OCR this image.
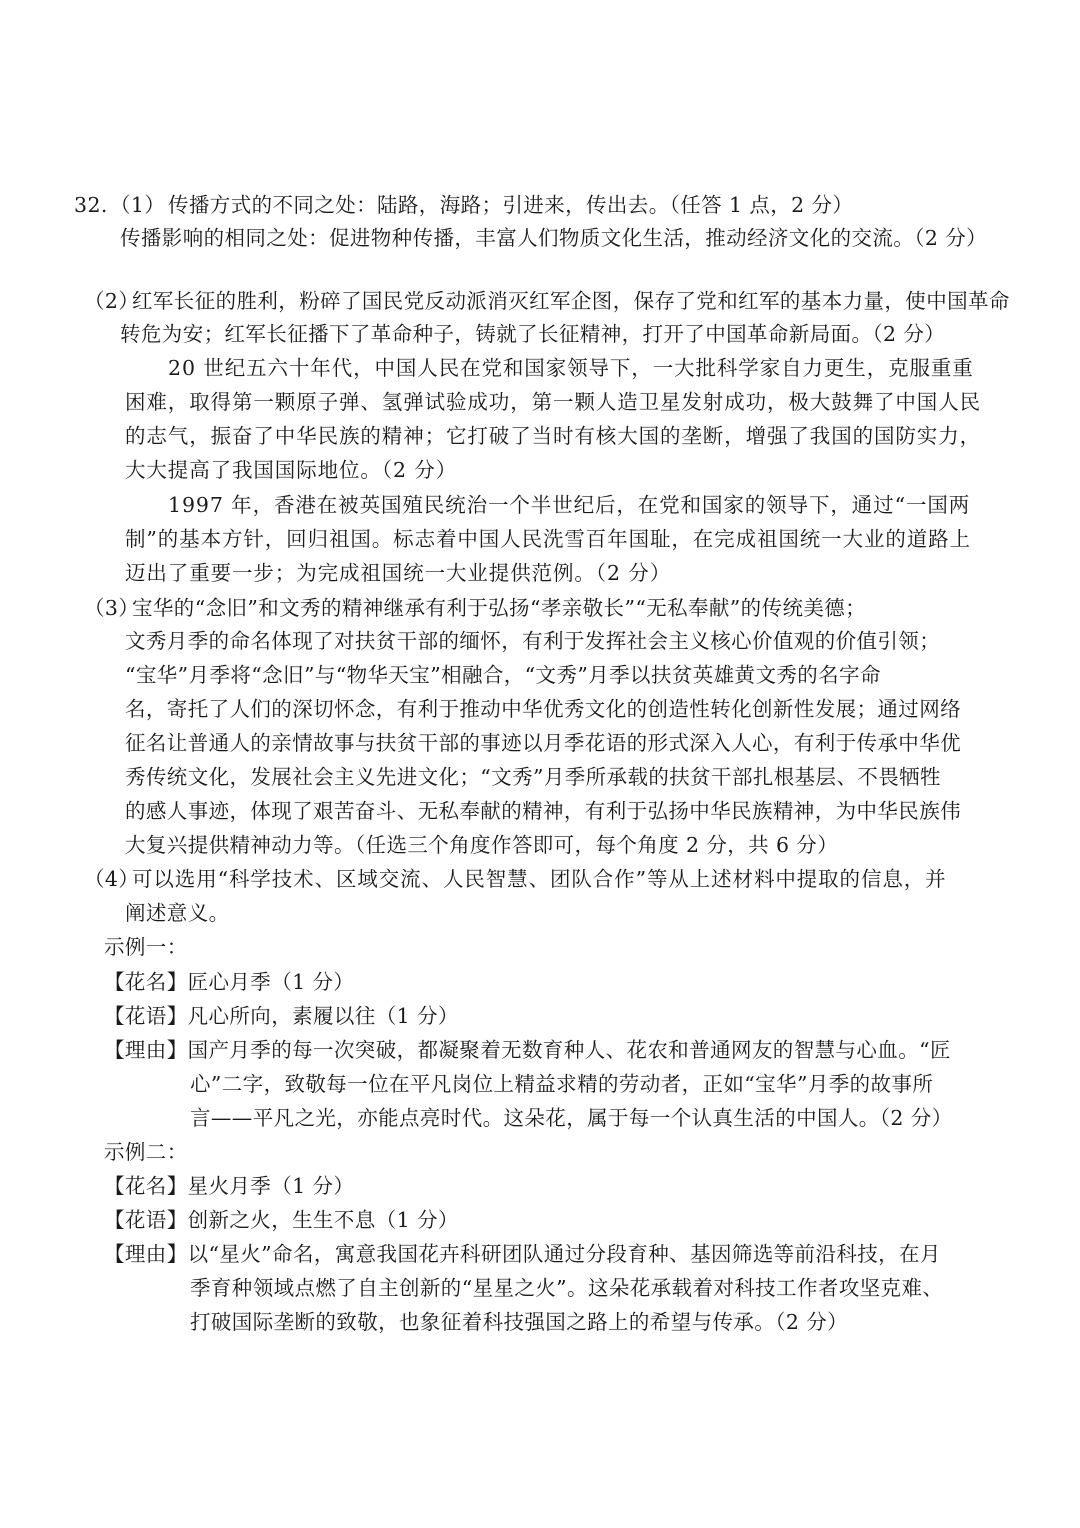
32. （1） 传播方式的不同之处：陆路，海路；引进来，传出去。（任答 1 点，2 分）
传播影响的相同之处：促进物种传播，丰富人们物质文化生活，推动经济文化的交流。（2 分）
（2）
红军长征的胜利，粉碎了国民党反动派消灭红军企图，保存了党和红军的基本力量，使中国革命
转危为安；红军长征播下了革命种子，铸就了长征精神，打开了中国革命新局面。（2 分）
20 世纪五六十年代，中国人民在党和国家领导下，一大批科学家自力更生，克服重重
困难，取得第一颗原子弹、氢弹试验成功，第一颗人造卫星发射成功，极大鼓舞了中国人民
的志气，振奋了中华民族的精神；它打破了当时有核大国的垄断，增强了我国的国防实力，
大大提高了我国国际地位。（2 分）
1997 年，香港在被英国殖民统治一个半世纪后，在党和国家的领导下，通过“一国两
制”的基本方针，回归祖国。标志着中国人民洗雪百年国耻，在完成祖国统一大业的道路上
迈出了重要一步；为完成祖国统一大业提供范例。（2 分）
（3）
宝华的“念旧”和文秀的精神继承有利于弘扬“孝亲敬长”“无私奉献”的传统美德；
文秀月季的命名体现了对扶贫干部的缅怀，有利于发挥社会主义核心价值观的价值引领；
“宝华”月季将“念旧”与“物华天宝”相融合，“文秀”月季以扶贫英雄黄文秀的名字命
名，寄托了人们的深切怀念，有利于推动中华优秀文化的创造性转化创新性发展；通过网络
征名让普通人的亲情故事与扶贫干部的事迹以月季花语的形式深入人心，有利于传承中华优
秀传统文化，发展社会主义先进文化；“文秀”月季所承载的扶贫干部扎根基层、不畏牺牲
的感人事迹，体现了艰苦奋斗、无私奉献的精神，有利于弘扬中华民族精神，为中华民族伟
大复兴提供精神动力等。（任选三个角度作答即可，每个角度 2 分，共 6 分）
（4）
可以选用“科学技术、区域交流、人民智慧、团队合作”等从上述材料中提取的信息，并
阐述意义。
示例一：
【花名】匠心月季（1 分）
【花语】凡心所向，素履以往（1 分）
【理由】国产月季的每一次突破，都凝聚着无数育种人、花农和普通网友的智慧与心血。“匠
心”二字，致敬每一位在平凡岗位上精益求精的劳动者，正如“宝华”月季的故事所
言——平凡之光，亦能点亮时代。这朵花，属于每一个认真生活的中国人。（2 分）
示例二：
【花名】星火月季（1 分）
【花语】创新之火，生生不息（1 分）
【理由】以“星火”命名，寓意我国花卉科研团队通过分段育种、基因筛选等前沿科技，在月
季育种领域点燃了自主创新的“星星之火”。这朵花承载着对科技工作者攻坚克难、
打破国际垄断的致敬，也象征着科技强国之路上的希望与传承。（2 分）
